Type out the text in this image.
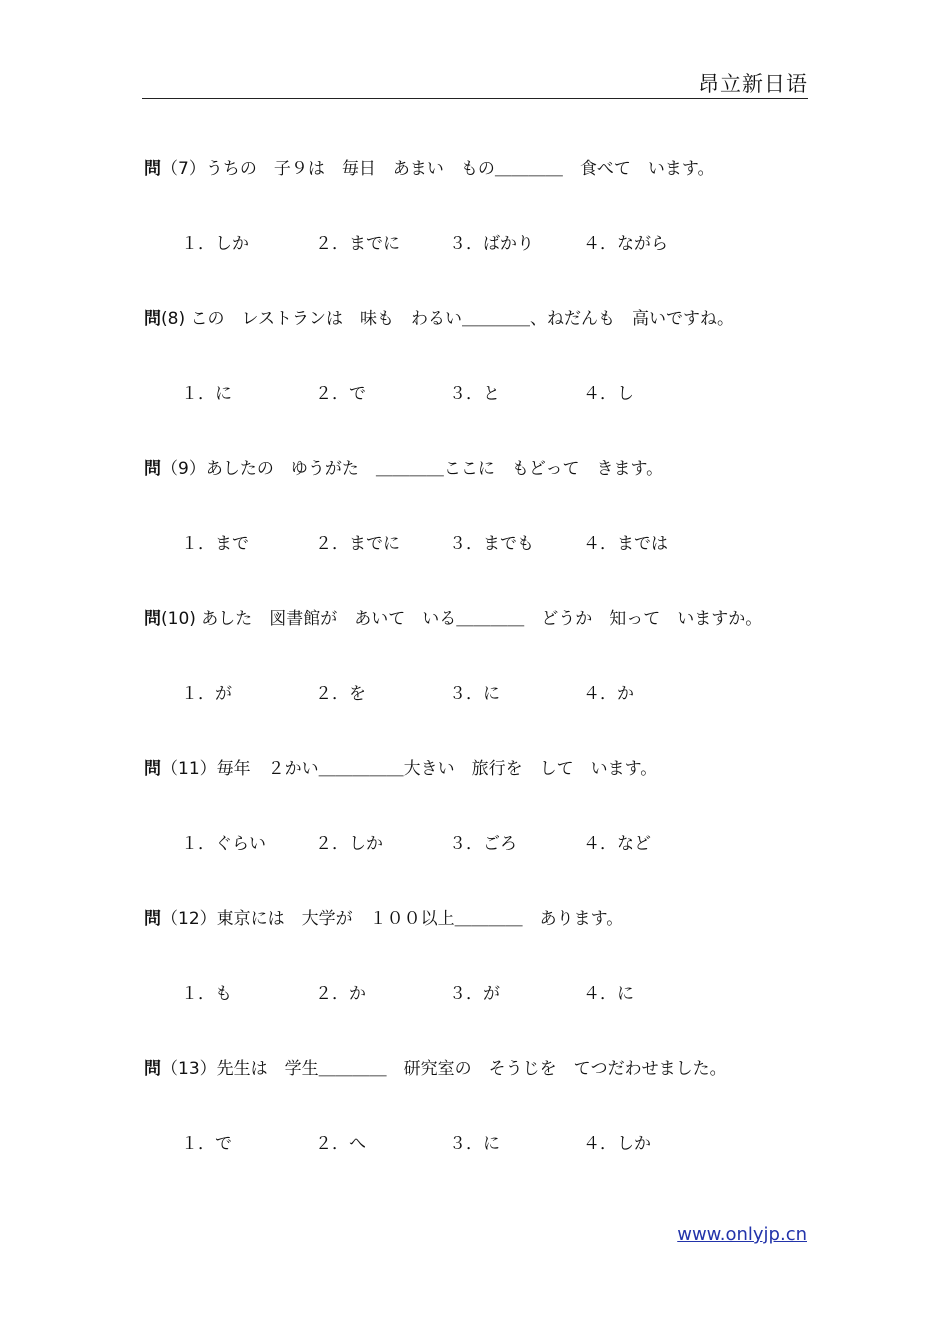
昂立新日语
問（7）うちの　子９は　毎日　あまい　もの＿＿＿＿　食べて　います。
１．しか	２．までに	３．ばかり	４．ながら
問(8) この　レストランは　味も　わるい＿＿＿＿、ねだんも　高いですね。
１．に	２．で	３．と	４．し
問（9）あしたの　ゆうがた　＿＿＿＿ここに　もどって　きます。
１．まで	２．までに	３．までも	４．までは
問(10) あした　図書館が　あいて　いる＿＿＿＿　どうか　知って　いますか。
１．が	２．を	３．に	４．か
問（11）毎年　２かい＿＿＿＿＿大きい　旅行を　して　います。
１．ぐらい	２．しか	３．ごろ	４．など
問（12）東京には　大学が　１００以上＿＿＿＿　あります。
１．も	２．か	３．が	４．に
問（13）先生は　学生＿＿＿＿　研究室の　そうじを　てつだわせました。
１．で	２．へ	３．に	４．しか
www.onlyjp.cn
